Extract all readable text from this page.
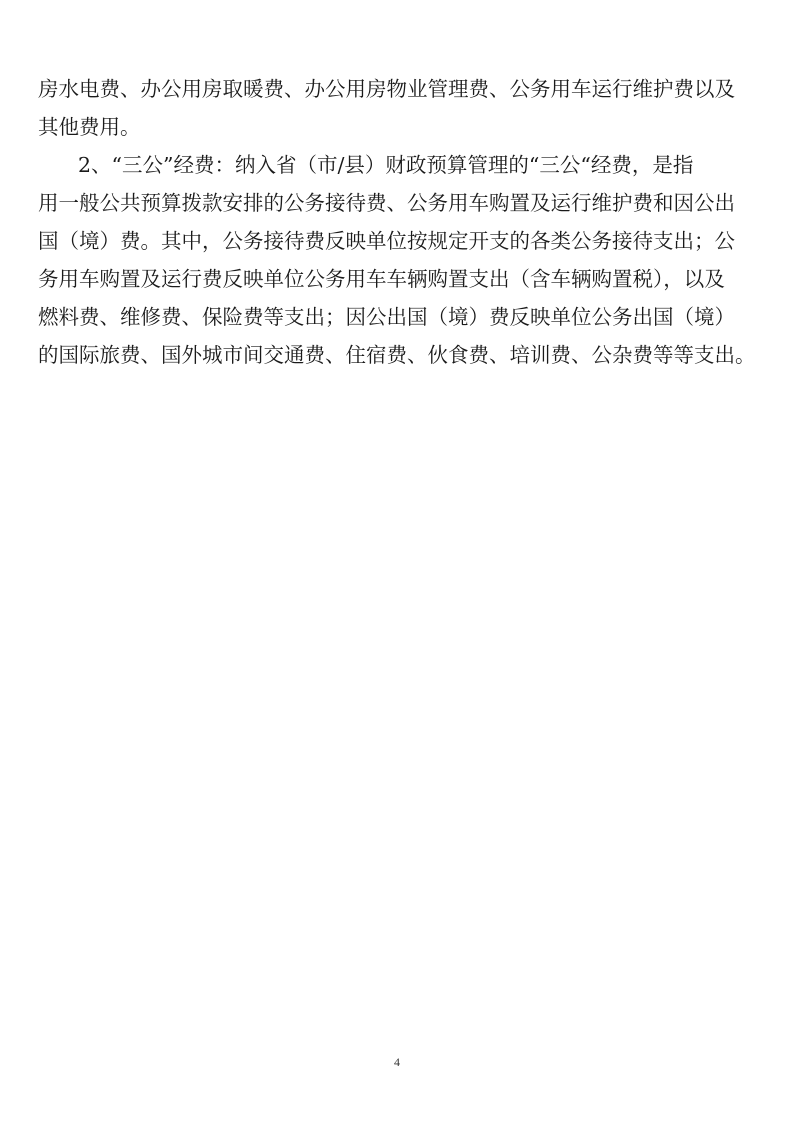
房水电费、办公用房取暖费、办公用房物业管理费、公务用车运行维护费以及
其他费用。
2、“三公”经费：纳入省（市/县）财政预算管理的“三公“经费，是指
用一般公共预算拨款安排的公务接待费、公务用车购置及运行维护费和因公出
国（境）费。其中，公务接待费反映单位按规定开支的各类公务接待支出；公
务用车购置及运行费反映单位公务用车车辆购置支出（含车辆购置税），以及
燃料费、维修费、保险费等支出；因公出国（境）费反映单位公务出国（境）
的国际旅费、国外城市间交通费、住宿费、伙食费、培训费、公杂费等等支出。
4
